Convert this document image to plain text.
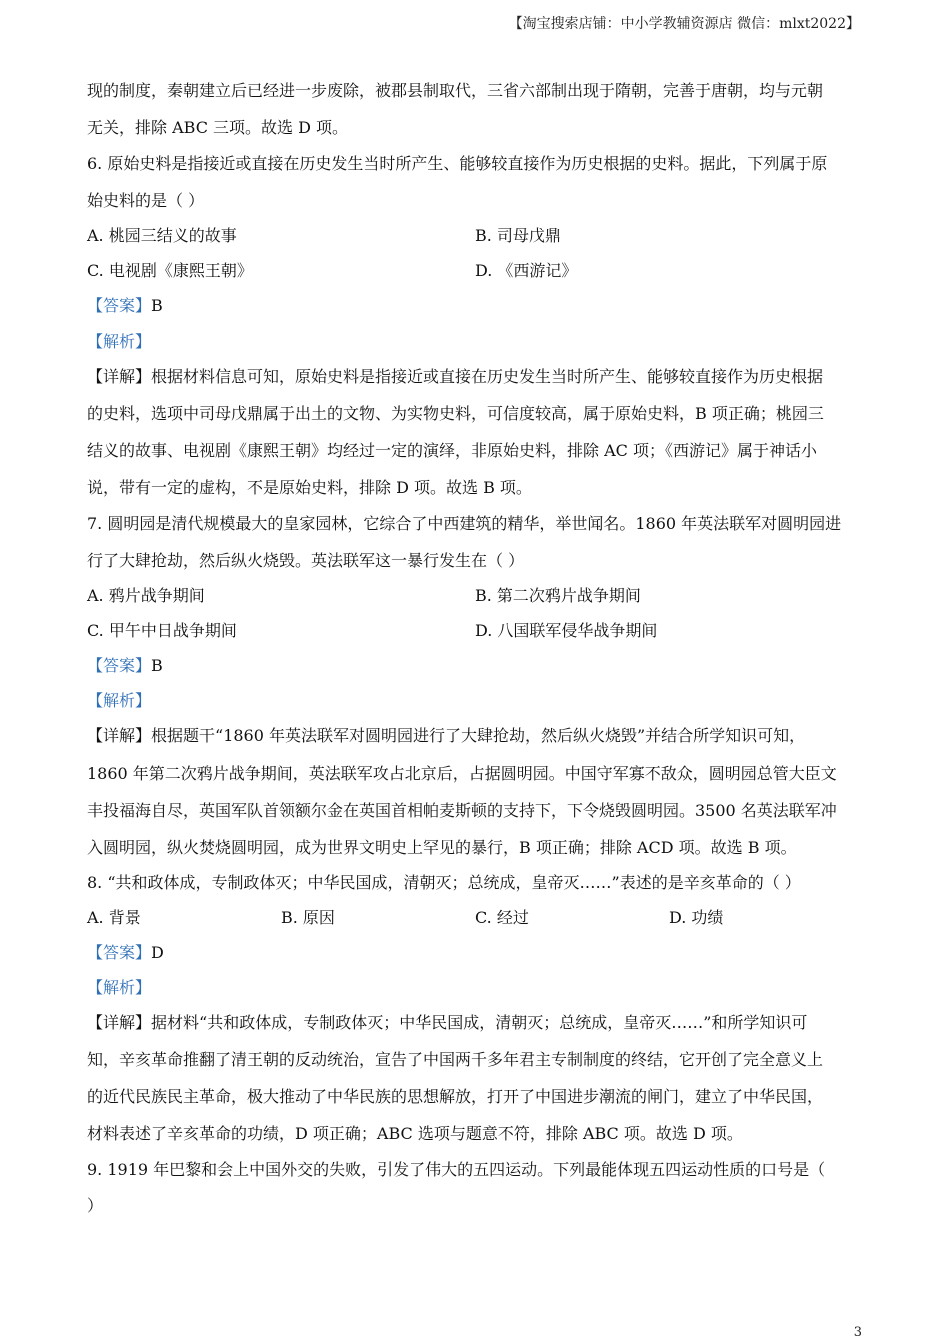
【淘宝搜索店铺：中小学教辅资源店 微信：mlxt2022】
现的制度，秦朝建立后已经进一步废除，被郡县制取代，三省六部制出现于隋朝，完善于唐朝，均与元朝
无关，排除 ABC 三项。故选 D 项。
6. 原始史料是指接近或直接在历史发生当时所产生、能够较直接作为历史根据的史料。据此，下列属于原
始史料的是（ ）
A. 桃园三结义的故事	B. 司母戊鼎
C. 电视剧《康熙王朝》	D. 《西游记》
【答案】B
【解析】
【详解】根据材料信息可知，原始史料是指接近或直接在历史发生当时所产生、能够较直接作为历史根据
的史料，选项中司母戊鼎属于出土的文物、为实物史料，可信度较高，属于原始史料，B 项正确；桃园三
结义的故事、电视剧《康熙王朝》均经过一定的演绎，非原始史料，排除 AC 项；《西游记》属于神话小
说，带有一定的虚构，不是原始史料，排除 D 项。故选 B 项。
7. 圆明园是清代规模最大的皇家园林，它综合了中西建筑的精华，举世闻名。1860 年英法联军对圆明园进
行了大肆抢劫，然后纵火烧毁。英法联军这一暴行发生在（ ）
A. 鸦片战争期间	B. 第二次鸦片战争期间
C. 甲午中日战争期间	D. 八国联军侵华战争期间
【答案】B
【解析】
【详解】根据题干“1860 年英法联军对圆明园进行了大肆抢劫，然后纵火烧毁”并结合所学知识可知，
1860 年第二次鸦片战争期间，英法联军攻占北京后，占据圆明园。中国守军寡不敌众，圆明园总管大臣文
丰投福海自尽，英国军队首领额尔金在英国首相帕麦斯顿的支持下，下令烧毁圆明园。3500 名英法联军冲
入圆明园，纵火焚烧圆明园，成为世界文明史上罕见的暴行，B 项正确；排除 ACD 项。故选 B 项。
8. “共和政体成，专制政体灭；中华民国成，清朝灭；总统成，皇帝灭……”表述的是辛亥革命的（ ）
A. 背景	B. 原因	C. 经过	D. 功绩
【答案】D
【解析】
【详解】据材料“共和政体成，专制政体灭；中华民国成，清朝灭；总统成，皇帝灭……”和所学知识可
知，辛亥革命推翻了清王朝的反动统治，宣告了中国两千多年君主专制制度的终结，它开创了完全意义上
的近代民族民主革命，极大推动了中华民族的思想解放，打开了中国进步潮流的闸门，建立了中华民国，
材料表述了辛亥革命的功绩，D 项正确；ABC 选项与题意不符，排除 ABC 项。故选 D 项。
9. 1919 年巴黎和会上中国外交的失败，引发了伟大的五四运动。下列最能体现五四运动性质的口号是（
）
3
